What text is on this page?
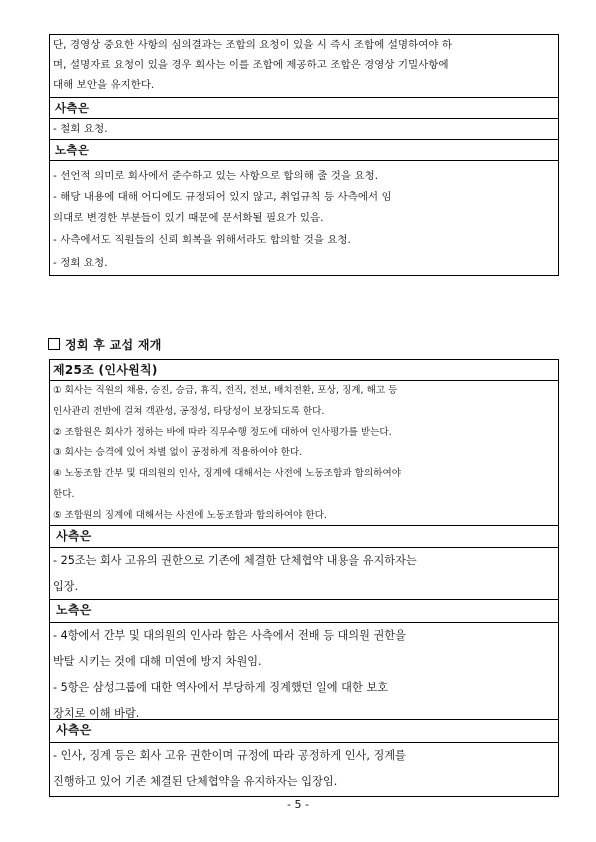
단, 경영상 중요한 사항의 심의결과는 조합의 요청이 있을 시 즉시 조합에 설명하여야 하
며, 설명자료 요청이 있을 경우 회사는 이를 조합에 제공하고 조합은 경영상 기밀사항에
대해 보안을 유지한다.
사측은
- 철회 요청.
노측은
- 선언적 의미로 회사에서 준수하고 있는 사항으로 합의해 줄 것을 요청.
- 해당 내용에 대해 어디에도 규정되어 있지 않고, 취업규칙 등 사측에서 임
의대로 변경한 부분들이 있기 때문에 문서화될 필요가 있음.
- 사측에서도 직원들의 신뢰 회복을 위해서라도 합의할 것을 요청.
- 정회 요청.
정회 후 교섭 재개
제25조 (인사원칙)
① 회사는 직원의 채용, 승진, 승급, 휴직, 전직, 전보, 배치전환, 포상, 징계, 해고 등
인사관리 전반에 걸쳐 객관성, 공정성, 타당성이 보장되도록 한다.
② 조합원은 회사가 정하는 바에 따라 직무수행 정도에 대하여 인사평가를 받는다.
③ 회사는 승격에 있어 차별 없이 공정하게 적용하여야 한다.
④ 노동조합 간부 및 대의원의 인사, 징계에 대해서는 사전에 노동조합과 합의하여야
한다.
⑤ 조합원의 징계에 대해서는 사전에 노동조합과 합의하여야 한다.
사측은
- 25조는 회사 고유의 권한으로 기존에 체결한 단체협약 내용을 유지하자는
입장.
노측은
- 4항에서 간부 및 대의원의 인사라 함은 사측에서 전배 등 대의원 권한을
박탈 시키는 것에 대해 미연에 방지 차원임.
- 5항은 삼성그룹에 대한 역사에서 부당하게 징계했던 일에 대한 보호
장치로 이해 바람.
사측은
- 인사, 징계 등은 회사 고유 권한이며 규정에 따라 공정하게 인사, 징계를
진행하고 있어 기존 체결된 단체협약을 유지하자는 입장임.
- 5 -
